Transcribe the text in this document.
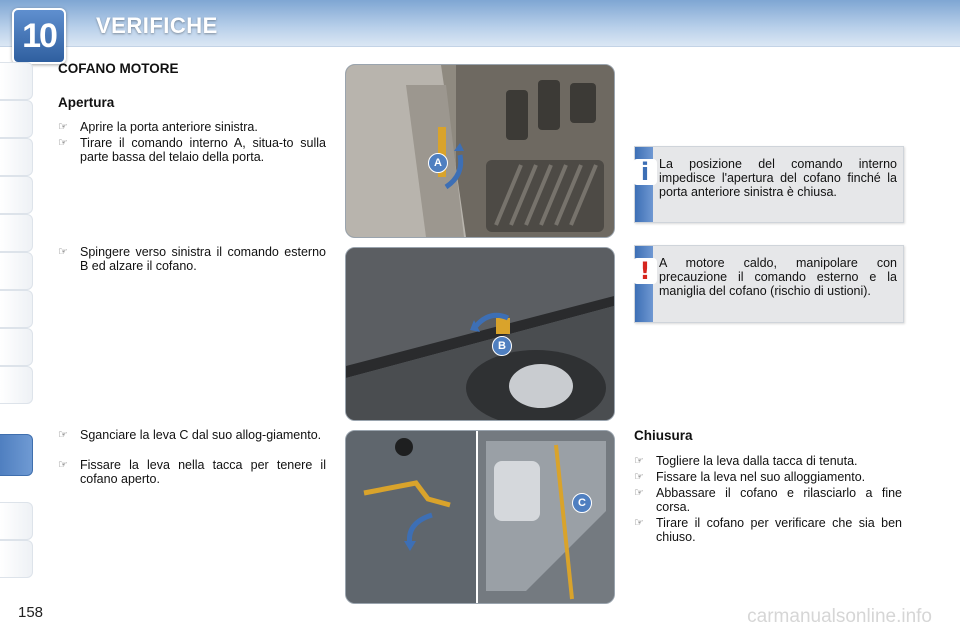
10	VERIFICHE
158
COFANO MOTORE
Apertura
☞ Aprire la porta anteriore sinistra.
☞ Tirare il comando interno A, situa-to sulla parte bassa del telaio della porta.
☞ Spingere verso sinistra il comando esterno B ed alzare il cofano.
☞ Sganciare la leva C dal suo allog-giamento.
☞ Fissare la leva nella tacca per tenere il cofano aperto.
A
B
C
i La posizione del comando interno impedisce l'apertura del cofano finché la porta anteriore sinistra è chiusa.
! A motore caldo, manipolare con precauzione il comando esterno e la maniglia del cofano (rischio di ustioni).
Chiusura
☞ Togliere la leva dalla tacca di tenuta.
☞ Fissare la leva nel suo alloggiamento.
☞ Abbassare il cofano e rilasciarlo a fine corsa.
☞ Tirare il cofano per verificare che sia ben chiuso.
carmanualsonline.info
